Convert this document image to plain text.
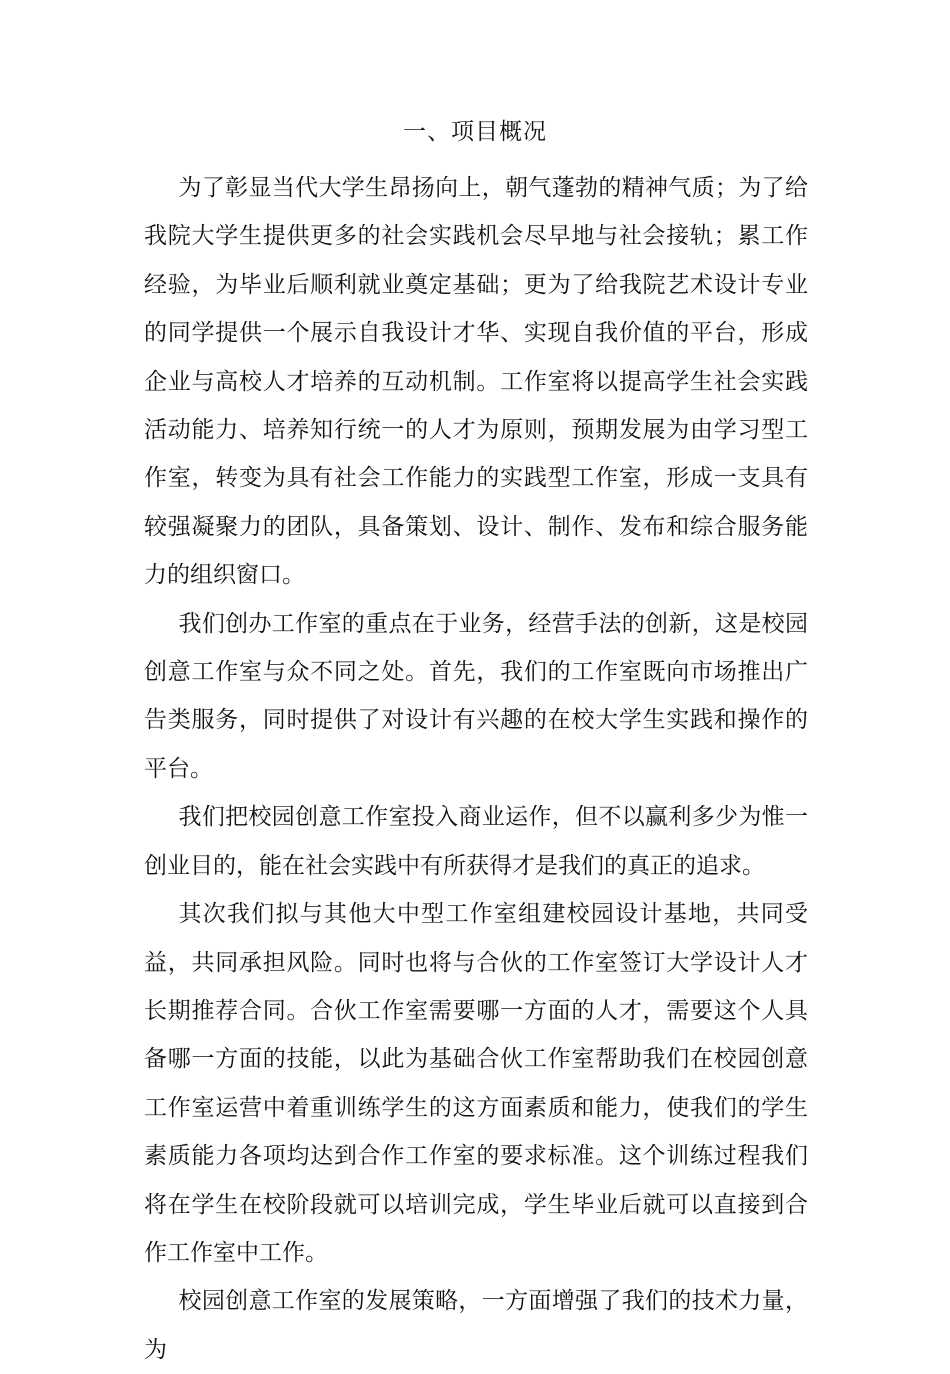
一、项目概况

为了彰显当代大学生昂扬向上，朝气蓬勃的精神气质；为了给我院大学生提供更多的社会实践机会尽早地与社会接轨；累工作经验，为毕业后顺利就业奠定基础；更为了给我院艺术设计专业的同学提供一个展示自我设计才华、实现自我价值的平台，形成企业与高校人才培养的互动机制。工作室将以提高学生社会实践活动能力、培养知行统一的人才为原则，预期发展为由学习型工作室，转变为具有社会工作能力的实践型工作室，形成一支具有较强凝聚力的团队，具备策划、设计、制作、发布和综合服务能力的组织窗口。

我们创办工作室的重点在于业务，经营手法的创新，这是校园创意工作室与众不同之处。首先，我们的工作室既向市场推出广告类服务，同时提供了对设计有兴趣的在校大学生实践和操作的平台。

我们把校园创意工作室投入商业运作，但不以赢利多少为惟一创业目的，能在社会实践中有所获得才是我们的真正的追求。

其次我们拟与其他大中型工作室组建校园设计基地，共同受益，共同承担风险。同时也将与合伙的工作室签订大学设计人才长期推荐合同。合伙工作室需要哪一方面的人才，需要这个人具备哪一方面的技能，以此为基础合伙工作室帮助我们在校园创意工作室运营中着重训练学生的这方面素质和能力，使我们的学生素质能力各项均达到合作工作室的要求标准。这个训练过程我们将在学生在校阶段就可以培训完成，学生毕业后就可以直接到合作工作室中工作。

校园创意工作室的发展策略，一方面增强了我们的技术力量，为
